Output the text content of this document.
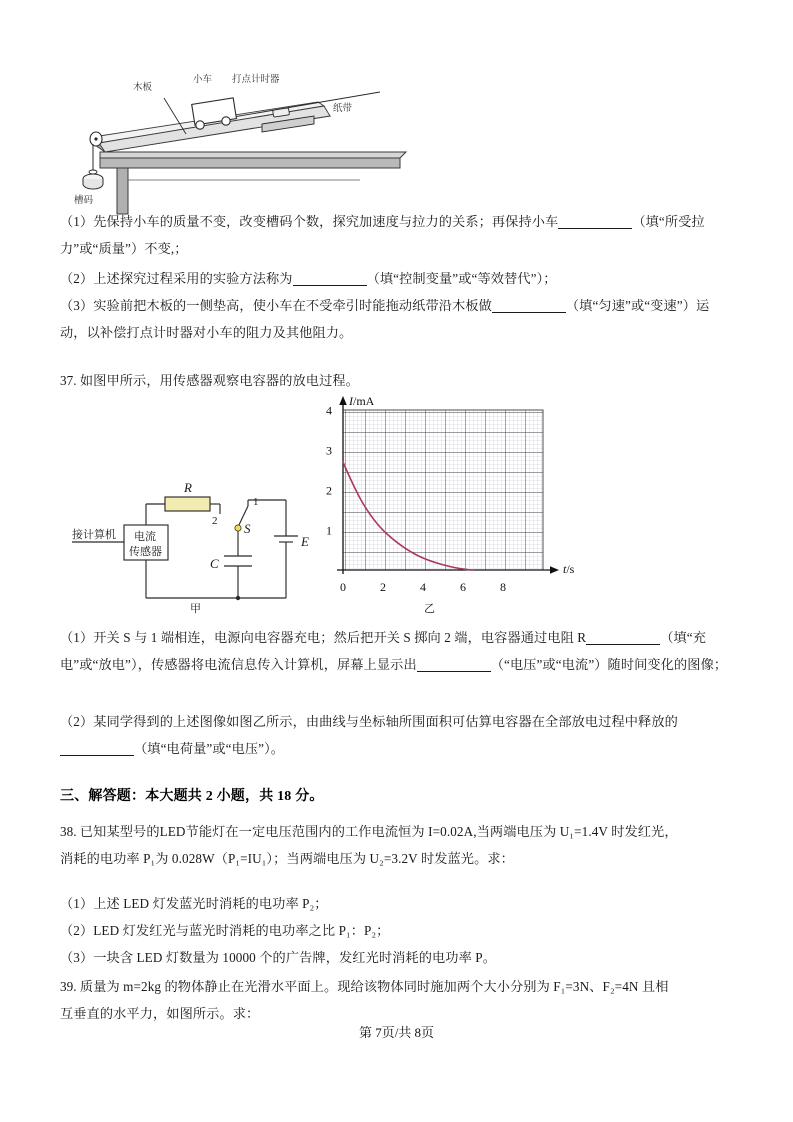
木板
小车 打点计时器
纸带
槽码
（1）先保持小车的质量不变，改变槽码个数，探究加速度与拉力的关系；再保持小车	（填“所受拉力”或“质量”）不变,；
（2）上述探究过程采用的实验方法称为	（填“控制变量”或“等效替代”）；
（3）实验前把木板的一侧垫高，使小车在不受牵引时能拖动纸带沿木板做	（填“匀速”或“变速”）运动，以补偿打点计时器对小车的阻力及其他阻力。
37. 如图甲所示，用传感器观察电容器的放电过程。
接计算机 电流
传感器
R
2
1
S
C
E
甲
4
3
2
1
0	2	4	6	8
I/mA
t/s
乙
（1）开关 S 与 1 端相连，电源向电容器充电；然后把开关 S 掷向 2 端，电容器通过电阻 R	（填“充电”或“放电”），传感器将电流信息传入计算机，屏幕上显示出	（“电压”或“电流”）随时间变化的图像；
（2）某同学得到的上述图像如图乙所示，由曲线与坐标轴所围面积可估算电容器在全部放电过程中释放的（填“电荷量”或“电压”）。
三、解答题：本大题共 2 小题，共 18 分。
38. 已知某型号的LED节能灯在一定电压范围内的工作电流恒为 I=0.02A,当两端电压为 U₁=1.4V 时发红光，
消耗的电功率 P₁为 0.028W（P₁=IU₁）；当两端电压为 U₂=3.2V 时发蓝光。求：
（1）上述 LED 灯发蓝光时消耗的电功率 P₂；
（2）LED 灯发红光与蓝光时消耗的电功率之比 P₁：P₂；
（3）一块含 LED 灯数量为 10000 个的广告牌，发红光时消耗的电功率 P。
39. 质量为 m=2kg 的物体静止在光滑水平面上。现给该物体同时施加两个大小分别为 F₁=3N、F₂=4N 且相
互垂直的水平力，如图所示。求：
第 7页/共 8页
